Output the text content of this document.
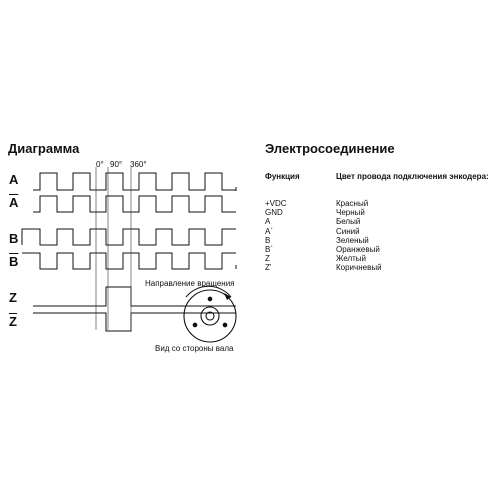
Диаграмма	Электросоединение
A
$\overline{A}$
B
$\overline{B}$
Z
$\overline{Z}$
0° 90° 360°
Направление вращения
Вид со стороны вала
Функция	Цвет провода подключения энкодера:
+VDC
GND
A
A`
B
B`
Z
Z'
Красный
Черный
Белый
Синий
Зеленый
Оранжевый
Желтый
Коричневый
